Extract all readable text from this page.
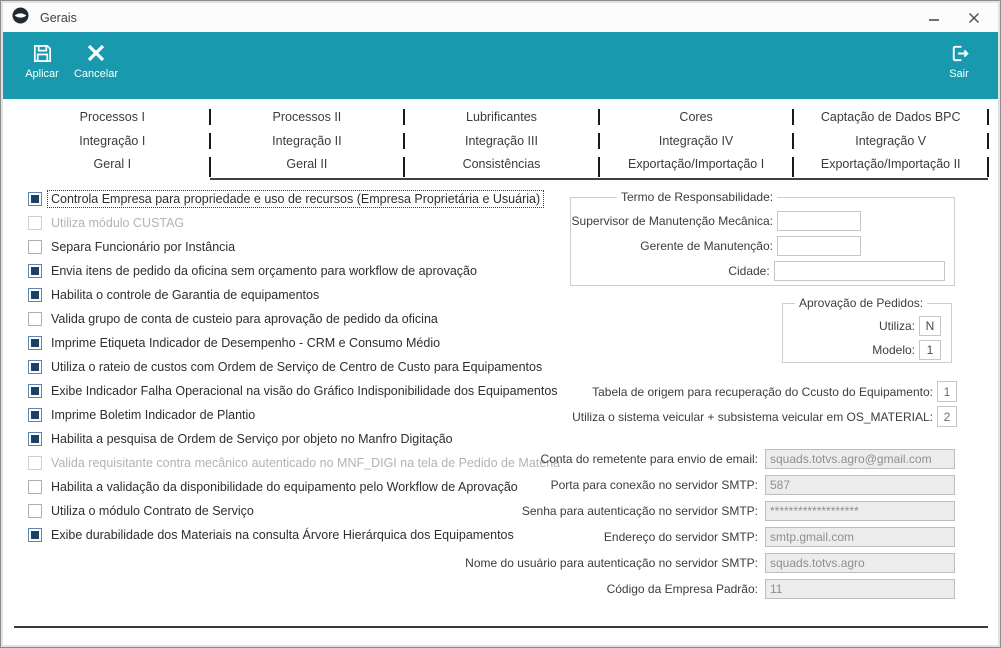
Gerais
Aplicar Cancelar	Sair
Processos I	Processos II	Lubrificantes	Cores	Captação de Dados BPC
Integração I	Integração II	Integração III	Integração IV	Integração V
Geral I	Geral II	Consistências	Exportação/Importação I	Exportação/Importação II
Controla Empresa para propriedade e uso de recursos (Empresa Proprietária e Usuária)
Utiliza módulo CUSTAG
Separa Funcionário por Instância
Envia itens de pedido da oficina sem orçamento para workflow de aprovação
Habilita o controle de Garantia de equipamentos
Valida grupo de conta de custeio para aprovação de pedido da oficina
Imprime Etiqueta Indicador de Desempenho - CRM e Consumo Médio
Utiliza o rateio de custos com Ordem de Serviço de Centro de Custo para Equipamentos
Exibe Indicador Falha Operacional na visão do Gráfico Indisponibilidade dos Equipamentos
Imprime Boletim Indicador de Plantio
Habilita a pesquisa de Ordem de Serviço por objeto no Manfro Digitação
Valida requisitante contra mecânico autenticado no MNF_DIGI na tela de Pedido de Materia
Habilita a validação da disponibilidade do equipamento pelo Workflow de Aprovação
Utiliza o módulo Contrato de Serviço
Exibe durabilidade dos Materiais na consulta Árvore Hierárquica dos Equipamentos
Termo de Responsabilidade:
Supervisor de Manutenção Mecânica:
Gerente de Manutenção:
Cidade:
Aprovação de Pedidos:
Utiliza: N
Modelo: 1
Tabela de origem para recuperação do Ccusto do Equipamento: 1
Utiliza o sistema veicular + subsistema veicular em OS_MATERIAL: 2
Conta do remetente para envio de email:	squads.totvs.agro@gmail.com
Porta para conexão no servidor SMTP:	587
Senha para autenticação no servidor SMTP:	*******************
Endereço do servidor SMTP:	smtp.gmail.com
Nome do usuário para autenticação no servidor SMTP:	squads.totvs.agro
Código da Empresa Padrão:	11
